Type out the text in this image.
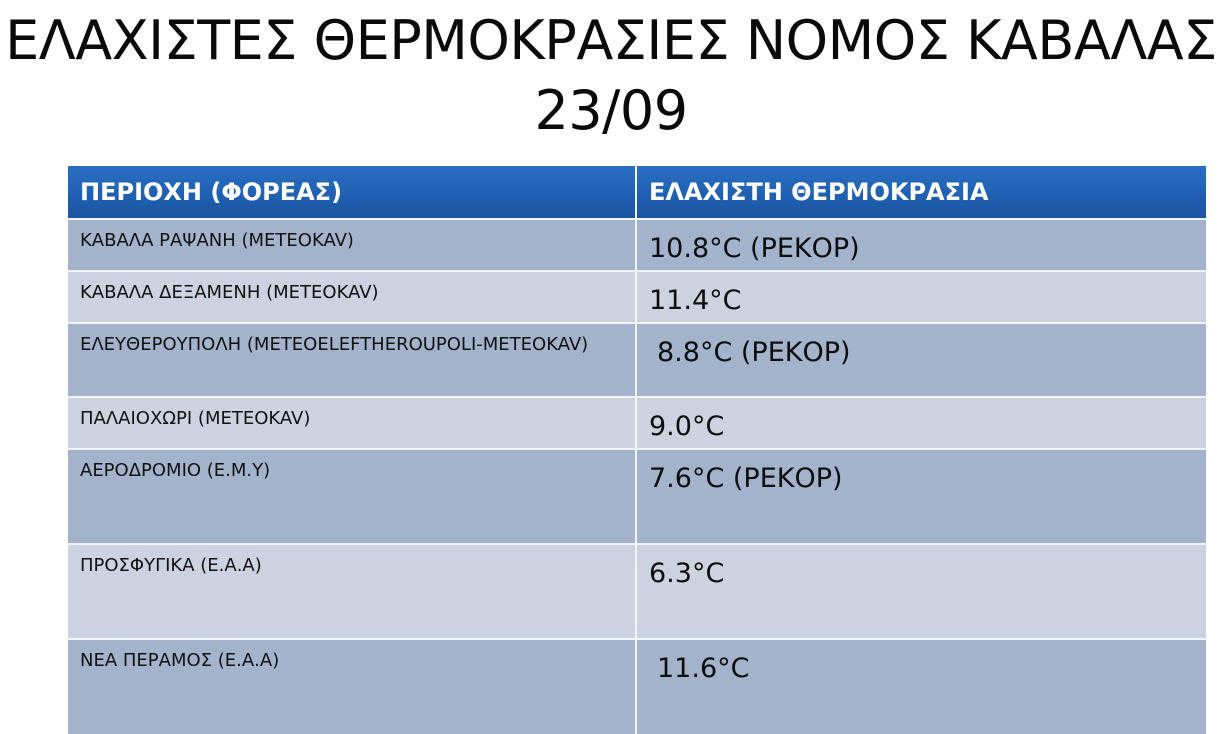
ΕΛΑΧΙΣΤΕΣ ΘΕΡΜΟΚΡΑΣΙΕΣ ΝΟΜΟΣ ΚΑΒΑΛΑΣ
23/09
ΠΕΡΙΟΧΗ (ΦΟΡΕΑΣ)	ΕΛΑΧΙΣΤΗ ΘΕΡΜΟΚΡΑΣΙΑ
ΚΑΒΑΛΑ ΡΑΨΑΝΗ (METEOKAV)	10.8°C (ΡΕΚΟΡ)
ΚΑΒΑΛΑ ΔΕΞΑΜΕΝΗ (METEOKAV)	11.4°C
ΕΛΕΥΘΕΡΟΥΠΟΛΗ (METEOELEFTHEROUPOLI-METEOKAV)	8.8°C (ΡΕΚΟΡ)
ΠΑΛΑΙΟΧΩΡΙ (METEOKAV)	9.0°C
ΑΕΡΟΔΡΟΜΙΟ (Ε.Μ.Υ)	7.6°C (ΡΕΚΟΡ)
ΠΡΟΣΦΥΓΙΚΑ (Ε.Α.Α)	6.3°C
ΝΕΑ ΠΕΡΑΜΟΣ (Ε.Α.Α)	11.6°C
